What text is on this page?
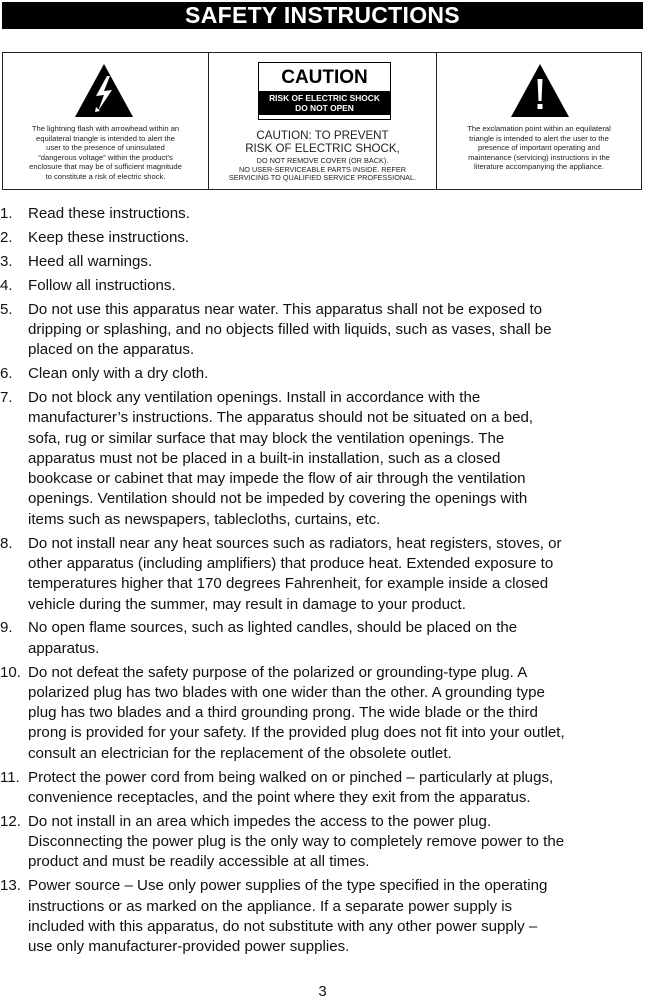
SAFETY INSTRUCTIONS
The lightning flash with arrowhead within an
equilateral triangle is intended to alert the
user to the presence of uninsulated
“dangerous voltage” within the product’s
enclosure that may be of sufficient magnitude
to constitute a risk of electric shock.
CAUTION
RISK OF ELECTRIC SHOCK
DO NOT OPEN
CAUTION: TO PREVENT
RISK OF ELECTRIC SHOCK,
DO NOT REMOVE COVER (OR BACK).
NO USER-SERVICEABLE PARTS INSIDE. REFER
SERVICING TO QUALIFIED SERVICE PROFESSIONAL.
The exclamation point within an equilateral
triangle is intended to alert the user to the
presence of important operating and
maintenance (servicing) instructions in the
literature accompanying the appliance.
1.	Read these instructions.
2.	Keep these instructions.
3.	Heed all warnings.
4.	Follow all instructions.
5.	Do not use this apparatus near water. This apparatus shall not be exposed to
dripping or splashing, and no objects filled with liquids, such as vases, shall be
placed on the apparatus.
6.	Clean only with a dry cloth.
7.	Do not block any ventilation openings. Install in accordance with the
manufacturer’s instructions. The apparatus should not be situated on a bed,
sofa, rug or similar surface that may block the ventilation openings. The
apparatus must not be placed in a built-in installation, such as a closed
bookcase or cabinet that may impede the flow of air through the ventilation
openings. Ventilation should not be impeded by covering the openings with
items such as newspapers, tablecloths, curtains, etc.
8.	Do not install near any heat sources such as radiators, heat registers, stoves, or
other apparatus (including amplifiers) that produce heat. Extended exposure to
temperatures higher that 170 degrees Fahrenheit, for example inside a closed
vehicle during the summer, may result in damage to your product.
9.	No open flame sources, such as lighted candles, should be placed on the
apparatus.
10. Do not defeat the safety purpose of the polarized or grounding-type plug. A
polarized plug has two blades with one wider than the other. A grounding type
plug has two blades and a third grounding prong. The wide blade or the third
prong is provided for your safety. If the provided plug does not fit into your outlet,
consult an electrician for the replacement of the obsolete outlet.
11. Protect the power cord from being walked on or pinched – particularly at plugs,
convenience receptacles, and the point where they exit from the apparatus.
12. Do not install in an area which impedes the access to the power plug.
Disconnecting the power plug is the only way to completely remove power to the
product and must be readily accessible at all times.
13. Power source – Use only power supplies of the type specified in the operating
instructions or as marked on the appliance. If a separate power supply is
included with this apparatus, do not substitute with any other power supply –
use only manufacturer-provided power supplies.
3
